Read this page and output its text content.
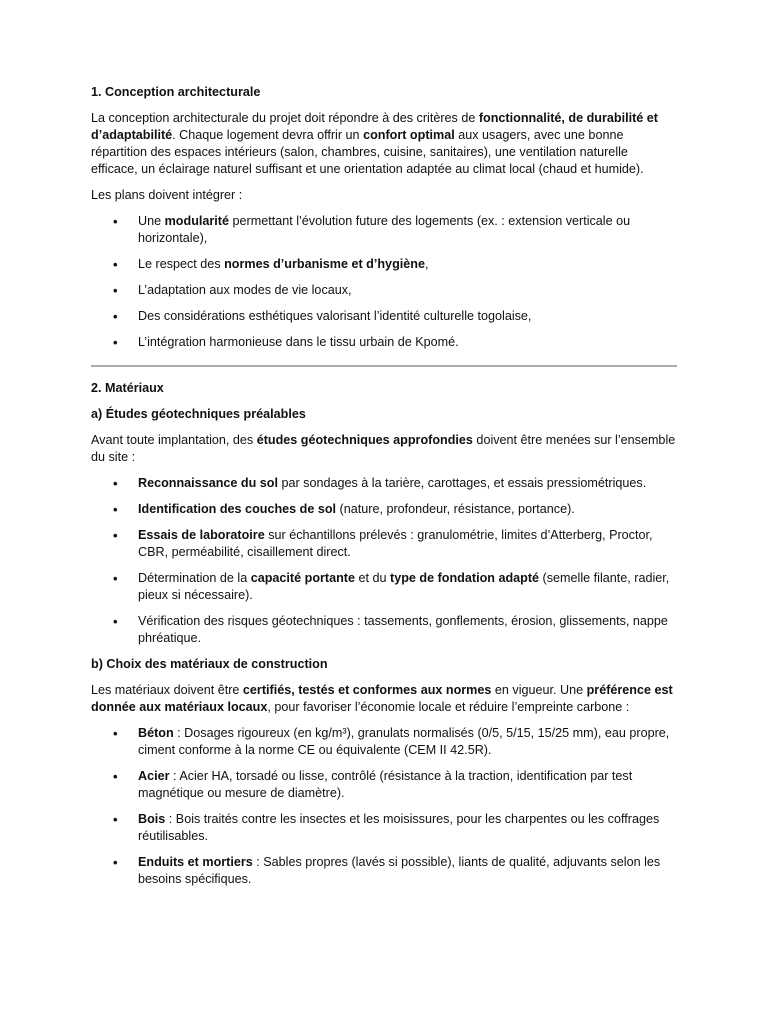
1. Conception architecturale

La conception architecturale du projet doit répondre à des critères de fonctionnalité, de durabilité et d’adaptabilité. Chaque logement devra offrir un confort optimal aux usagers, avec une bonne répartition des espaces intérieurs (salon, chambres, cuisine, sanitaires), une ventilation naturelle efficace, un éclairage naturel suffisant et une orientation adaptée au climat local (chaud et humide).

Les plans doivent intégrer :

• Une modularité permettant l’évolution future des logements (ex. : extension verticale ou horizontale),
• Le respect des normes d’urbanisme et d’hygiène,
• L’adaptation aux modes de vie locaux,
• Des considérations esthétiques valorisant l’identité culturelle togolaise,
• L’intégration harmonieuse dans le tissu urbain de Kpomé.
2. Matériaux
a) Études géotechniques préalables

Avant toute implantation, des études géotechniques approfondies doivent être menées sur l’ensemble du site :

• Reconnaissance du sol par sondages à la tarière, carottages, et essais pressiométriques.
• Identification des couches de sol (nature, profondeur, résistance, portance).
• Essais de laboratoire sur échantillons prélevés : granulométrie, limites d’Atterberg, Proctor, CBR, perméabilité, cisaillement direct.
• Détermination de la capacité portante et du type de fondation adapté (semelle filante, radier, pieux si nécessaire).
• Vérification des risques géotechniques : tassements, gonflements, érosion, glissements, nappe phréatique.
b) Choix des matériaux de construction

Les matériaux doivent être certifiés, testés et conformes aux normes en vigueur. Une préférence est donnée aux matériaux locaux, pour favoriser l’économie locale et réduire l’empreinte carbone :

• Béton : Dosages rigoureux (en kg/m³), granulats normalisés (0/5, 5/15, 15/25 mm), eau propre, ciment conforme à la norme CE ou équivalente (CEM II 42.5R).
• Acier : Acier HA, torsadé ou lisse, contrôlé (résistance à la traction, identification par test magnétique ou mesure de diamètre).
• Bois : Bois traités contre les insectes et les moisissures, pour les charpentes ou les coffrages réutilisables.
• Enduits et mortiers : Sables propres (lavés si possible), liants de qualité, adjuvants selon les besoins spécifiques.
